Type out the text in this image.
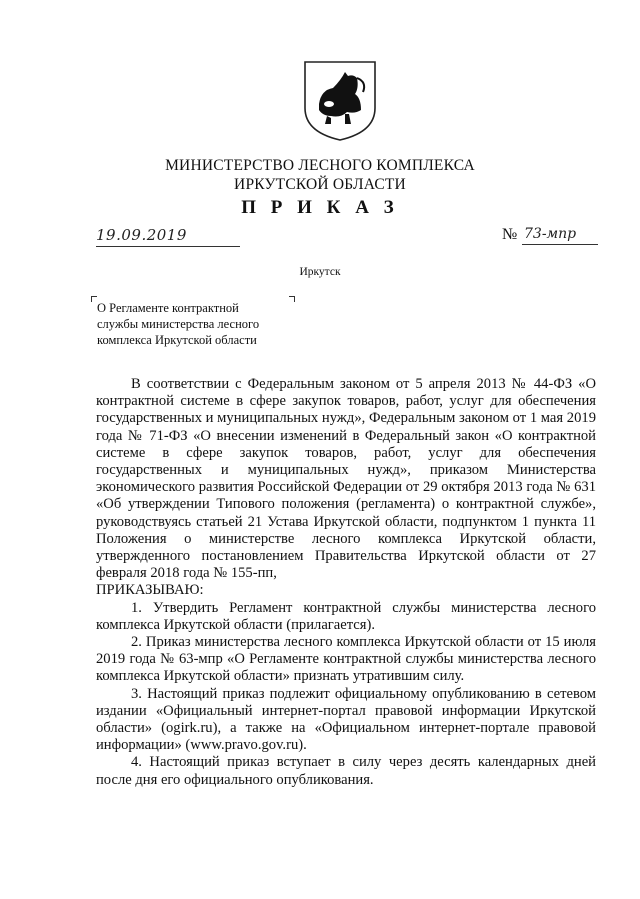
МИНИСТЕРСТВО ЛЕСНОГО КОМПЛЕКСА
ИРКУТСКОЙ ОБЛАСТИ
П Р И К А З
19.09.2019	№ 73-мпр
Иркутск
О Регламенте контрактной
службы министерства лесного
комплекса Иркутской области

В соответствии с Федеральным законом от 5 апреля 2013 № 44-ФЗ «О контрактной системе в сфере закупок товаров, работ, услуг для обеспечения государственных и муниципальных нужд», Федеральным законом от 1 мая 2019 года № 71-ФЗ «О внесении изменений в Федеральный закон «О контрактной системе в сфере закупок товаров, работ, услуг для обеспечения государственных и муниципальных нужд», приказом Министерства экономического развития Российской Федерации от 29 октября 2013 года № 631 «Об утверждении Типового положения (регламента) о контрактной службе», руководствуясь статьей 21 Устава Иркутской области, подпунктом 1 пункта 11 Положения о министерстве лесного комплекса Иркутской области, утвержденного постановлением Правительства Иркутской области от 27 февраля 2018 года № 155-пп,

ПРИКАЗЫВАЮ:

1. Утвердить Регламент контрактной службы министерства лесного комплекса Иркутской области (прилагается).

2. Приказ министерства лесного комплекса Иркутской области от 15 июля 2019 года № 63-мпр «О Регламенте контрактной службы министерства лесного комплекса Иркутской области» признать утратившим силу.

3. Настоящий приказ подлежит официальному опубликованию в сетевом издании «Официальный интернет-портал правовой информации Иркутской области» (ogirk.ru), а также на «Официальном интернет-портале правовой информации» (www.pravo.gov.ru).

4. Настоящий приказ вступает в силу через десять календарных дней после дня его официального опубликования.
